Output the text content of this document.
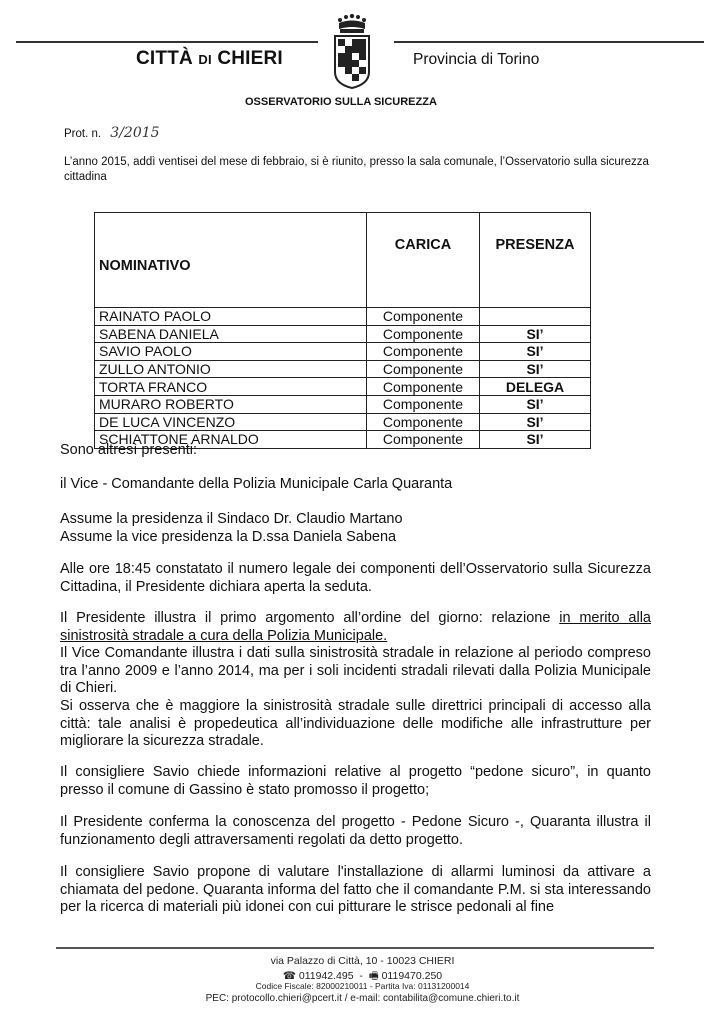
CITTÀ DI CHIERI	Provincia di Torino
OSSERVATORIO SULLA SICUREZZA
Prot. n. 3/2015
L’anno 2015, addì ventisei del mese di febbraio, si è riunito, presso la sala comunale, l’Osservatorio sulla sicurezza cittadina
NOMINATIVO	CARICA	PRESENZA
RAINATO PAOLO	Componente	
SABENA DANIELA	Componente	SI’
SAVIO PAOLO	Componente	SI’
ZULLO ANTONIO	Componente	SI’
TORTA FRANCO	Componente	DELEGA
MURARO ROBERTO	Componente	SI’
DE LUCA VINCENZO	Componente	SI’
SCHIATTONE ARNALDO	Componente	SI’
Sono altresì presenti:
il Vice - Comandante della Polizia Municipale Carla Quaranta
Assume la presidenza il Sindaco Dr. Claudio Martano
Assume la vice presidenza la D.ssa Daniela Sabena
Alle ore 18:45 constatato il numero legale dei componenti dell’Osservatorio sulla Sicurezza Cittadina, il Presidente dichiara aperta la seduta.
Il Presidente illustra il primo argomento all’ordine del giorno: relazione in merito alla sinistrosità stradale a cura della Polizia Municipale.
Il Vice Comandante illustra i dati sulla sinistrosità stradale in relazione al periodo compreso tra l’anno 2009 e l’anno 2014, ma per i soli incidenti stradali rilevati dalla Polizia Municipale di Chieri.
Si osserva che è maggiore la sinistrosità stradale sulle direttrici principali di accesso alla città: tale analisi è propedeutica all’individuazione delle modifiche alle infrastrutture per migliorare la sicurezza stradale.
Il consigliere Savio chiede informazioni relative al progetto “pedone sicuro”, in quanto presso il comune di Gassino è stato promosso il progetto;
Il Presidente conferma la conoscenza del progetto - Pedone Sicuro -, Quaranta illustra il funzionamento degli attraversamenti regolati da detto progetto.
Il consigliere Savio propone di valutare l'installazione di allarmi luminosi da attivare a chiamata del pedone. Quaranta informa del fatto che il comandante P.M. si sta interessando per la ricerca di materiali più idonei con cui pitturare le strisce pedonali al fine
via Palazzo di Città, 10 - 10023 CHIERI
☎ 011942.495  -  🖷 0119470.250
Codice Fiscale: 82000210011 - Partita Iva: 01131200014
PEC: protocollo.chieri@pcert.it / e-mail: contabilita@comune.chieri.to.it
